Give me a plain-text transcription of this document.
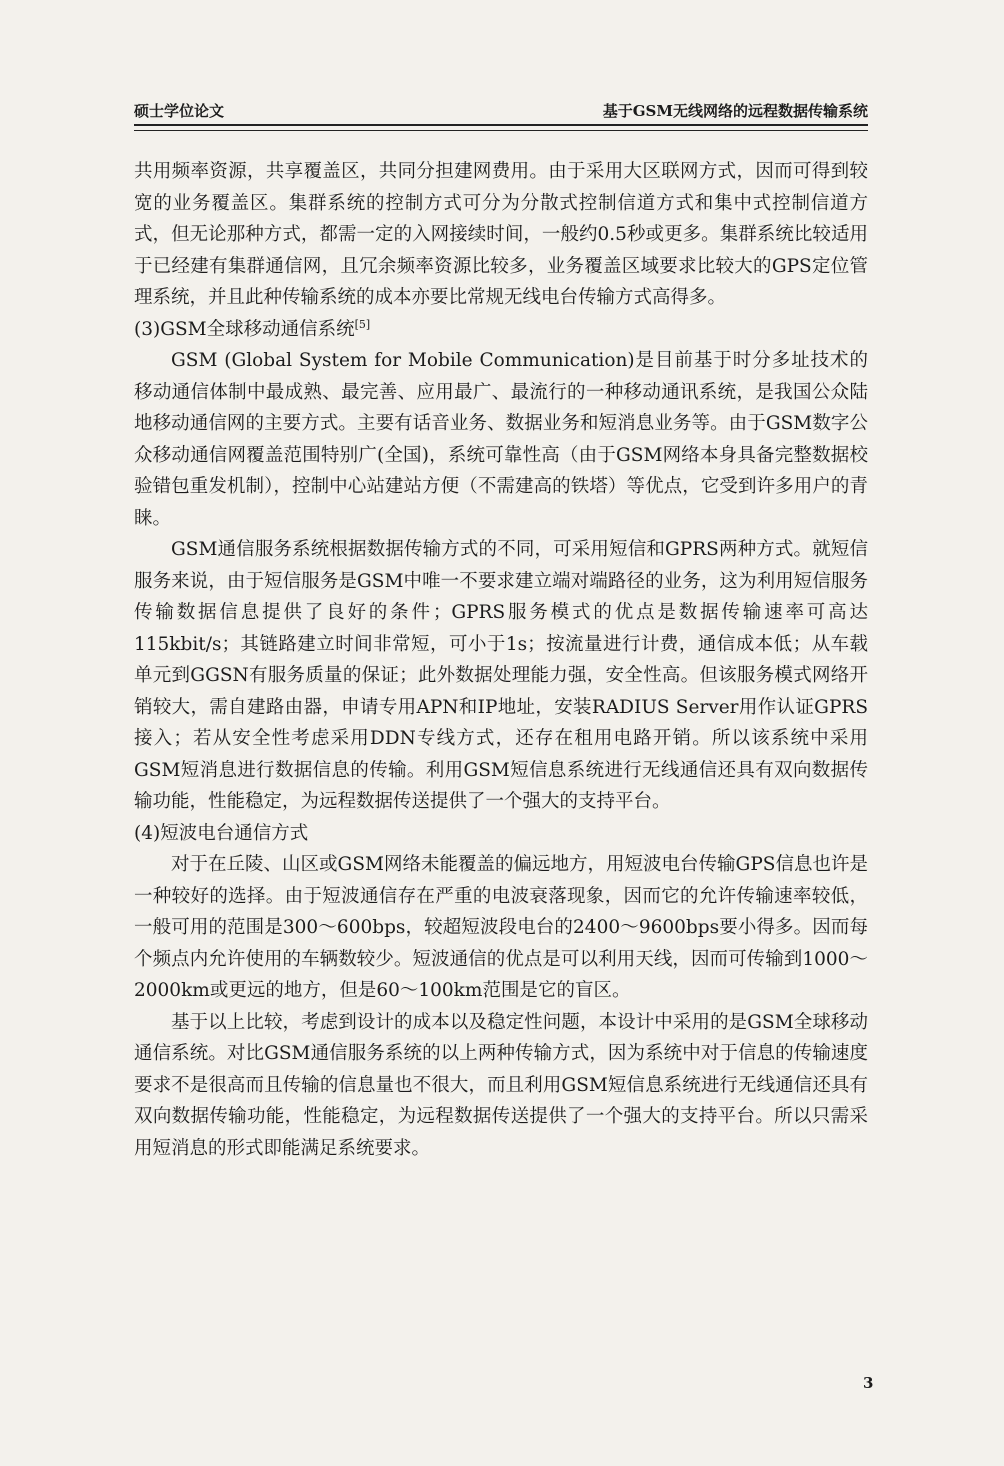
硕士学位论文	基于GSM无线网络的远程数据传输系统

共用频率资源，共享覆盖区，共同分担建网费用。由于采用大区联网方式，因而可得到较宽的业务覆盖区。集群系统的控制方式可分为分散式控制信道方式和集中式控制信道方式，但无论那种方式，都需一定的入网接续时间，一般约0.5秒或更多。集群系统比较适用于已经建有集群通信网，且冗余频率资源比较多，业务覆盖区域要求比较大的GPS定位管理系统，并且此种传输系统的成本亦要比常规无线电台传输方式高得多。

(3)GSM全球移动通信系统[5]

GSM (Global System for Mobile Communication)是目前基于时分多址技术的移动通信体制中最成熟、最完善、应用最广、最流行的一种移动通讯系统，是我国公众陆地移动通信网的主要方式。主要有话音业务、数据业务和短消息业务等。由于GSM数字公众移动通信网覆盖范围特别广(全国)，系统可靠性高（由于GSM网络本身具备完整数据校验错包重发机制），控制中心站建站方便（不需建高的铁塔）等优点，它受到许多用户的青睐。

GSM通信服务系统根据数据传输方式的不同，可采用短信和GPRS两种方式。就短信服务来说，由于短信服务是GSM中唯一不要求建立端对端路径的业务，这为利用短信服务传输数据信息提供了良好的条件；GPRS服务模式的优点是数据传输速率可高达115kbit/s；其链路建立时间非常短，可小于1s；按流量进行计费，通信成本低；从车载单元到GGSN有服务质量的保证；此外数据处理能力强，安全性高。但该服务模式网络开销较大，需自建路由器，申请专用APN和IP地址，安装RADIUS Server用作认证GPRS接入；若从安全性考虑采用DDN专线方式，还存在租用电路开销。所以该系统中采用GSM短消息进行数据信息的传输。利用GSM短信息系统进行无线通信还具有双向数据传输功能，性能稳定，为远程数据传送提供了一个强大的支持平台。

(4)短波电台通信方式

对于在丘陵、山区或GSM网络未能覆盖的偏远地方，用短波电台传输GPS信息也许是一种较好的选择。由于短波通信存在严重的电波衰落现象，因而它的允许传输速率较低，一般可用的范围是300～600bps，较超短波段电台的2400～9600bps要小得多。因而每个频点内允许使用的车辆数较少。短波通信的优点是可以利用天线，因而可传输到1000～2000km或更远的地方，但是60～100km范围是它的盲区。

基于以上比较，考虑到设计的成本以及稳定性问题，本设计中采用的是GSM全球移动通信系统。对比GSM通信服务系统的以上两种传输方式，因为系统中对于信息的传输速度要求不是很高而且传输的信息量也不很大，而且利用GSM短信息系统进行无线通信还具有双向数据传输功能，性能稳定，为远程数据传送提供了一个强大的支持平台。所以只需采用短消息的形式即能满足系统要求。

3
